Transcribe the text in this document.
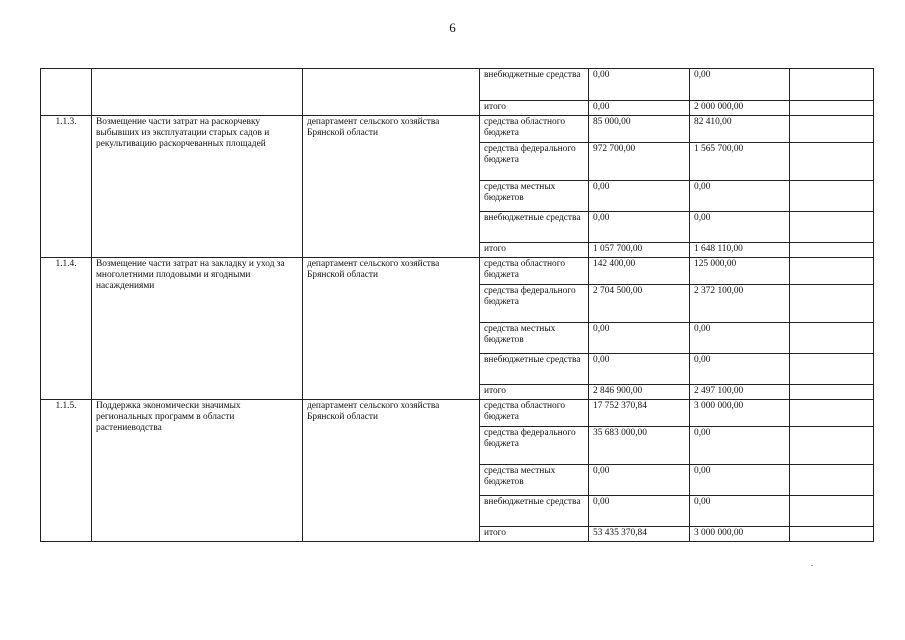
6
			внебюджетные средства	0,00	0,00	
			итого	0,00	2 000 000,00	
1.1.3.	Возмещение части затрат на раскорчевку выбывших из эксплуатации старых садов и рекультивацию раскорчеванных площадей	департамент сельского хозяйства Брянской области	средства областного бюджета	85 000,00	82 410,00	
			средства федерального бюджета	972 700,00	1 565 700,00	
			средства местных бюджетов	0,00	0,00	
			внебюджетные средства	0,00	0,00	
			итого	1 057 700,00	1 648 110,00	
1.1.4.	Возмещение части затрат на закладку и уход за многолетними плодовыми и ягодными насаждениями	департамент сельского хозяйства Брянской области	средства областного бюджета	142 400,00	125 000,00	
			средства федерального бюджета	2 704 500,00	2 372 100,00	
			средства местных бюджетов	0,00	0,00	
			внебюджетные средства	0,00	0,00	
			итого	2 846 900,00	2 497 100,00	
1.1.5.	Поддержка экономически значимых региональных программ в области растениеводства	департамент сельского хозяйства Брянской области	средства областного бюджета	17 752 370,84	3 000 000,00	
			средства федерального бюджета	35 683 000,00	0,00	
			средства местных бюджетов	0,00	0,00	
			внебюджетные средства	0,00	0,00	
			итого	53 435 370,84	3 000 000,00	
